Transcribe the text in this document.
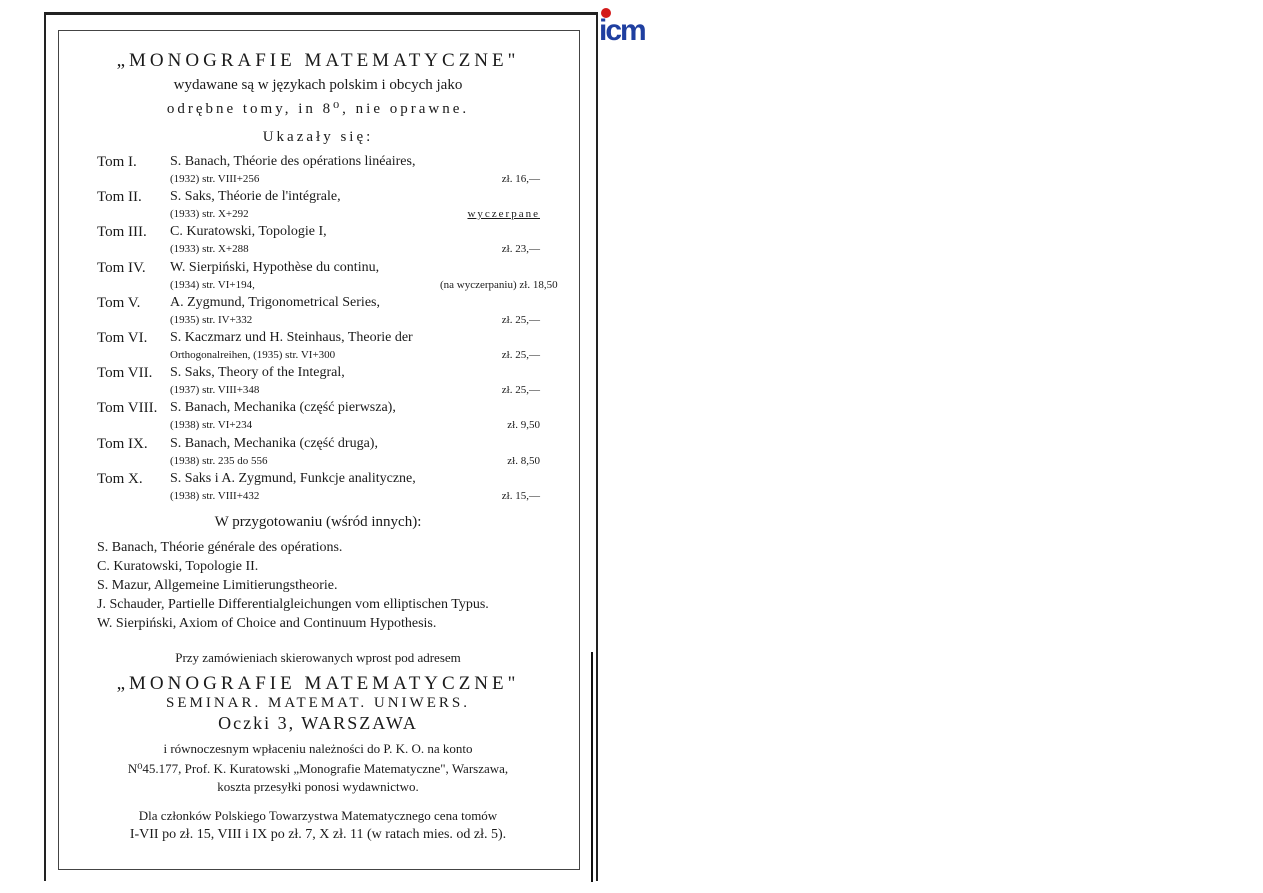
icm
„MONOGRAFIE MATEMATYCZNE"
wydawane są w językach polskim i obcych jako
odrębne tomy, in 8⁰, nie oprawne.
Ukazały się:
Tom I. S. Banach, Théorie des opérations linéaires,
(1932) str. VIII+256	zł. 16,—
Tom II. S. Saks, Théorie de l'intégrale,
(1933) str. X+292	wyczerpane
Tom III. C. Kuratowski, Topologie I,
(1933) str. X+288	zł. 23,—
Tom IV. W. Sierpiński, Hypothèse du continu,
(1934) str. VI+194,	(na wyczerpaniu) zł. 18,50
Tom V. A. Zygmund, Trigonometrical Series,
(1935) str. IV+332	zł. 25,—
Tom VI. S. Kaczmarz und H. Steinhaus, Theorie der
Orthogonalreihen, (1935) str. VI+300	zł. 25,—
Tom VII. S. Saks, Theory of the Integral,
(1937) str. VIII+348	zł. 25,—
Tom VIII. S. Banach, Mechanika (część pierwsza),
(1938) str. VI+234	zł. 9,50
Tom IX. S. Banach, Mechanika (część druga),
(1938) str. 235 do 556	zł. 8,50
Tom X. S. Saks i A. Zygmund, Funkcje analityczne,
(1938) str. VIII+432	zł. 15,—
W przygotowaniu (wśród innych):
S. Banach, Théorie générale des opérations.
C. Kuratowski, Topologie II.
S. Mazur, Allgemeine Limitierungstheorie.
J. Schauder, Partielle Differentialgleichungen vom elliptischen Typus.
W. Sierpiński, Axiom of Choice and Continuum Hypothesis.
Przy zamówieniach skierowanych wprost pod adresem
„MONOGRAFIE MATEMATYCZNE"
SEMINAR. MATEMAT. UNIWERS.
Oczki 3, WARSZAWA
i równoczesnym wpłaceniu należności do P. K. O. na konto
N⁰45.177, Prof. K. Kuratowski „Monografie Matematyczne", Warszawa,
koszta przesyłki ponosi wydawnictwo.
Dla członków Polskiego Towarzystwa Matematycznego cena tomów
I-VII po zł. 15, VIII i IX po zł. 7, X zł. 11 (w ratach mies. od zł. 5).
